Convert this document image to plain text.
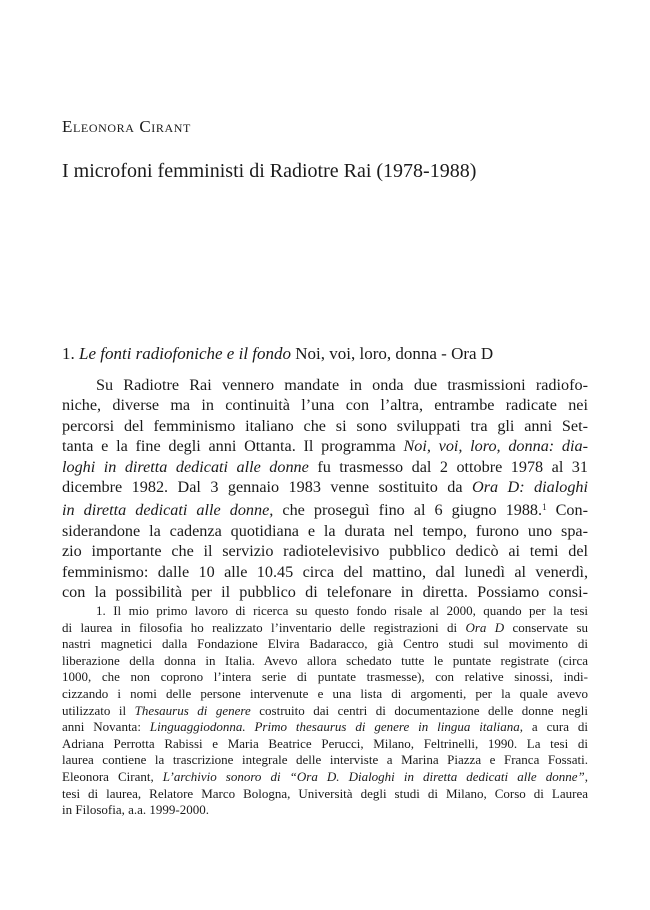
Eleonora Cirant
I microfoni femministi di Radiotre Rai (1978-1988)
1. Le fonti radiofoniche e il fondo Noi, voi, loro, donna - Ora D
Su Radiotre Rai vennero mandate in onda due trasmissioni radiofo-
niche, diverse ma in continuità l’una con l’altra, entrambe radicate nei
percorsi del femminismo italiano che si sono sviluppati tra gli anni Set-
tanta e la fine degli anni Ottanta. Il programma Noi, voi, loro, donna: dia-
loghi in diretta dedicati alle donne fu trasmesso dal 2 ottobre 1978 al 31
dicembre 1982. Dal 3 gennaio 1983 venne sostituito da Ora D: dialoghi
in diretta dedicati alle donne, che proseguì fino al 6 giugno 1988.$^1$ Con-
siderandone la cadenza quotidiana e la durata nel tempo, furono uno spa-
zio importante che il servizio radiotelevisivo pubblico dedicò ai temi del
femminismo: dalle 10 alle 10.45 circa del mattino, dal lunedì al venerdì,
con la possibilità per il pubblico di telefonare in diretta. Possiamo consi-
1. Il mio primo lavoro di ricerca su questo fondo risale al 2000, quando per la tesi
di laurea in filosofia ho realizzato l’inventario delle registrazioni di Ora D conservate su
nastri magnetici dalla Fondazione Elvira Badaracco, già Centro studi sul movimento di
liberazione della donna in Italia. Avevo allora schedato tutte le puntate registrate (circa
1000, che non coprono l’intera serie di puntate trasmesse), con relative sinossi, indi-
cizzando i nomi delle persone intervenute e una lista di argomenti, per la quale avevo
utilizzato il Thesaurus di genere costruito dai centri di documentazione delle donne negli
anni Novanta: Linguaggiodonna. Primo thesaurus di genere in lingua italiana, a cura di
Adriana Perrotta Rabissi e Maria Beatrice Perucci, Milano, Feltrinelli, 1990. La tesi di
laurea contiene la trascrizione integrale delle interviste a Marina Piazza e Franca Fossati.
Eleonora Cirant, L’archivio sonoro di “Ora D. Dialoghi in diretta dedicati alle donne”,
tesi di laurea, Relatore Marco Bologna, Università degli studi di Milano, Corso di Laurea
in Filosofia, a.a. 1999-2000.
